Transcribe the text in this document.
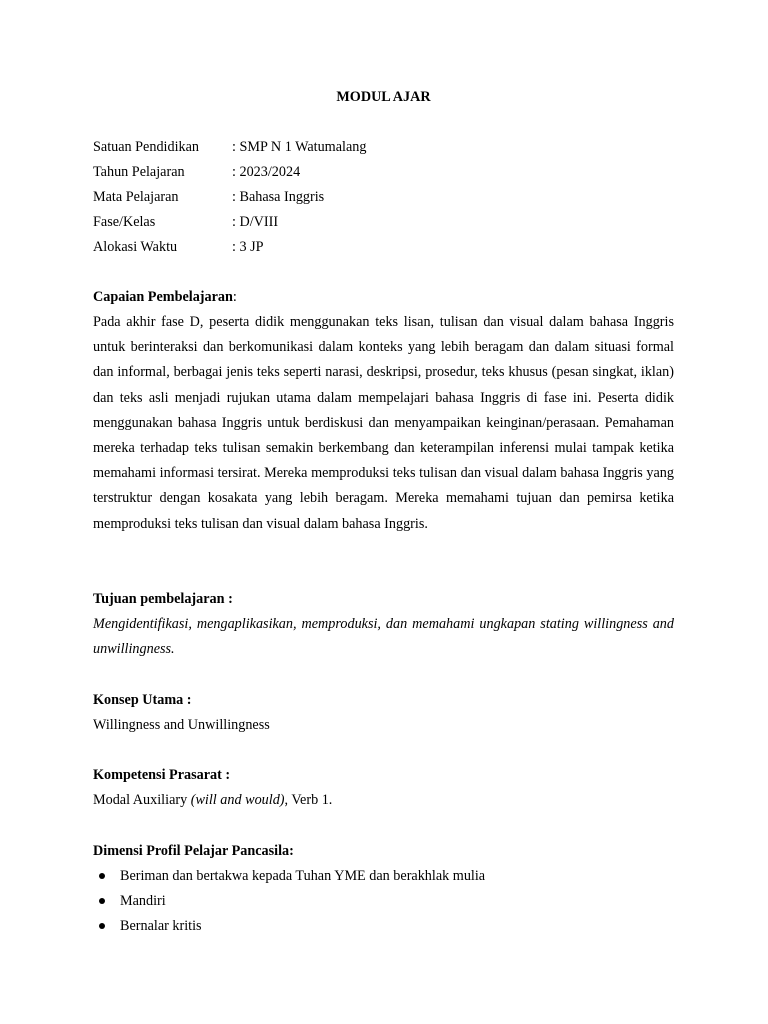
MODUL AJAR
Satuan Pendidikan : SMP N 1 Watumalang
Tahun Pelajaran	: 2023/2024
Mata Pelajaran	: Bahasa Inggris
Fase/Kelas	: D/VIII
Alokasi Waktu	: 3 JP
Capaian Pembelajaran:
Pada akhir fase D, peserta didik menggunakan teks lisan, tulisan dan visual dalam bahasa Inggris untuk berinteraksi dan berkomunikasi dalam konteks yang lebih beragam dan dalam situasi formal dan informal, berbagai jenis teks seperti narasi, deskripsi, prosedur, teks khusus (pesan singkat, iklan) dan teks asli menjadi rujukan utama dalam mempelajari bahasa Inggris di fase ini. Peserta didik menggunakan bahasa Inggris untuk berdiskusi dan menyampaikan keinginan/perasaan. Pemahaman mereka terhadap teks tulisan semakin berkembang dan keterampilan inferensi mulai tampak ketika memahami informasi tersirat. Mereka memproduksi teks tulisan dan visual dalam bahasa Inggris yang terstruktur dengan kosakata yang lebih beragam. Mereka memahami tujuan dan pemirsa ketika memproduksi teks tulisan dan visual dalam bahasa Inggris.
Tujuan pembelajaran :
Mengidentifikasi, mengaplikasikan, memproduksi, dan memahami ungkapan stating willingness and unwillingness.
Konsep Utama :
Willingness and Unwillingness
Kompetensi Prasarat :
Modal Auxiliary (will and would), Verb 1.
Dimensi Profil Pelajar Pancasila:
Beriman dan bertakwa kepada Tuhan YME dan berakhlak mulia
Mandiri
Bernalar kritis
